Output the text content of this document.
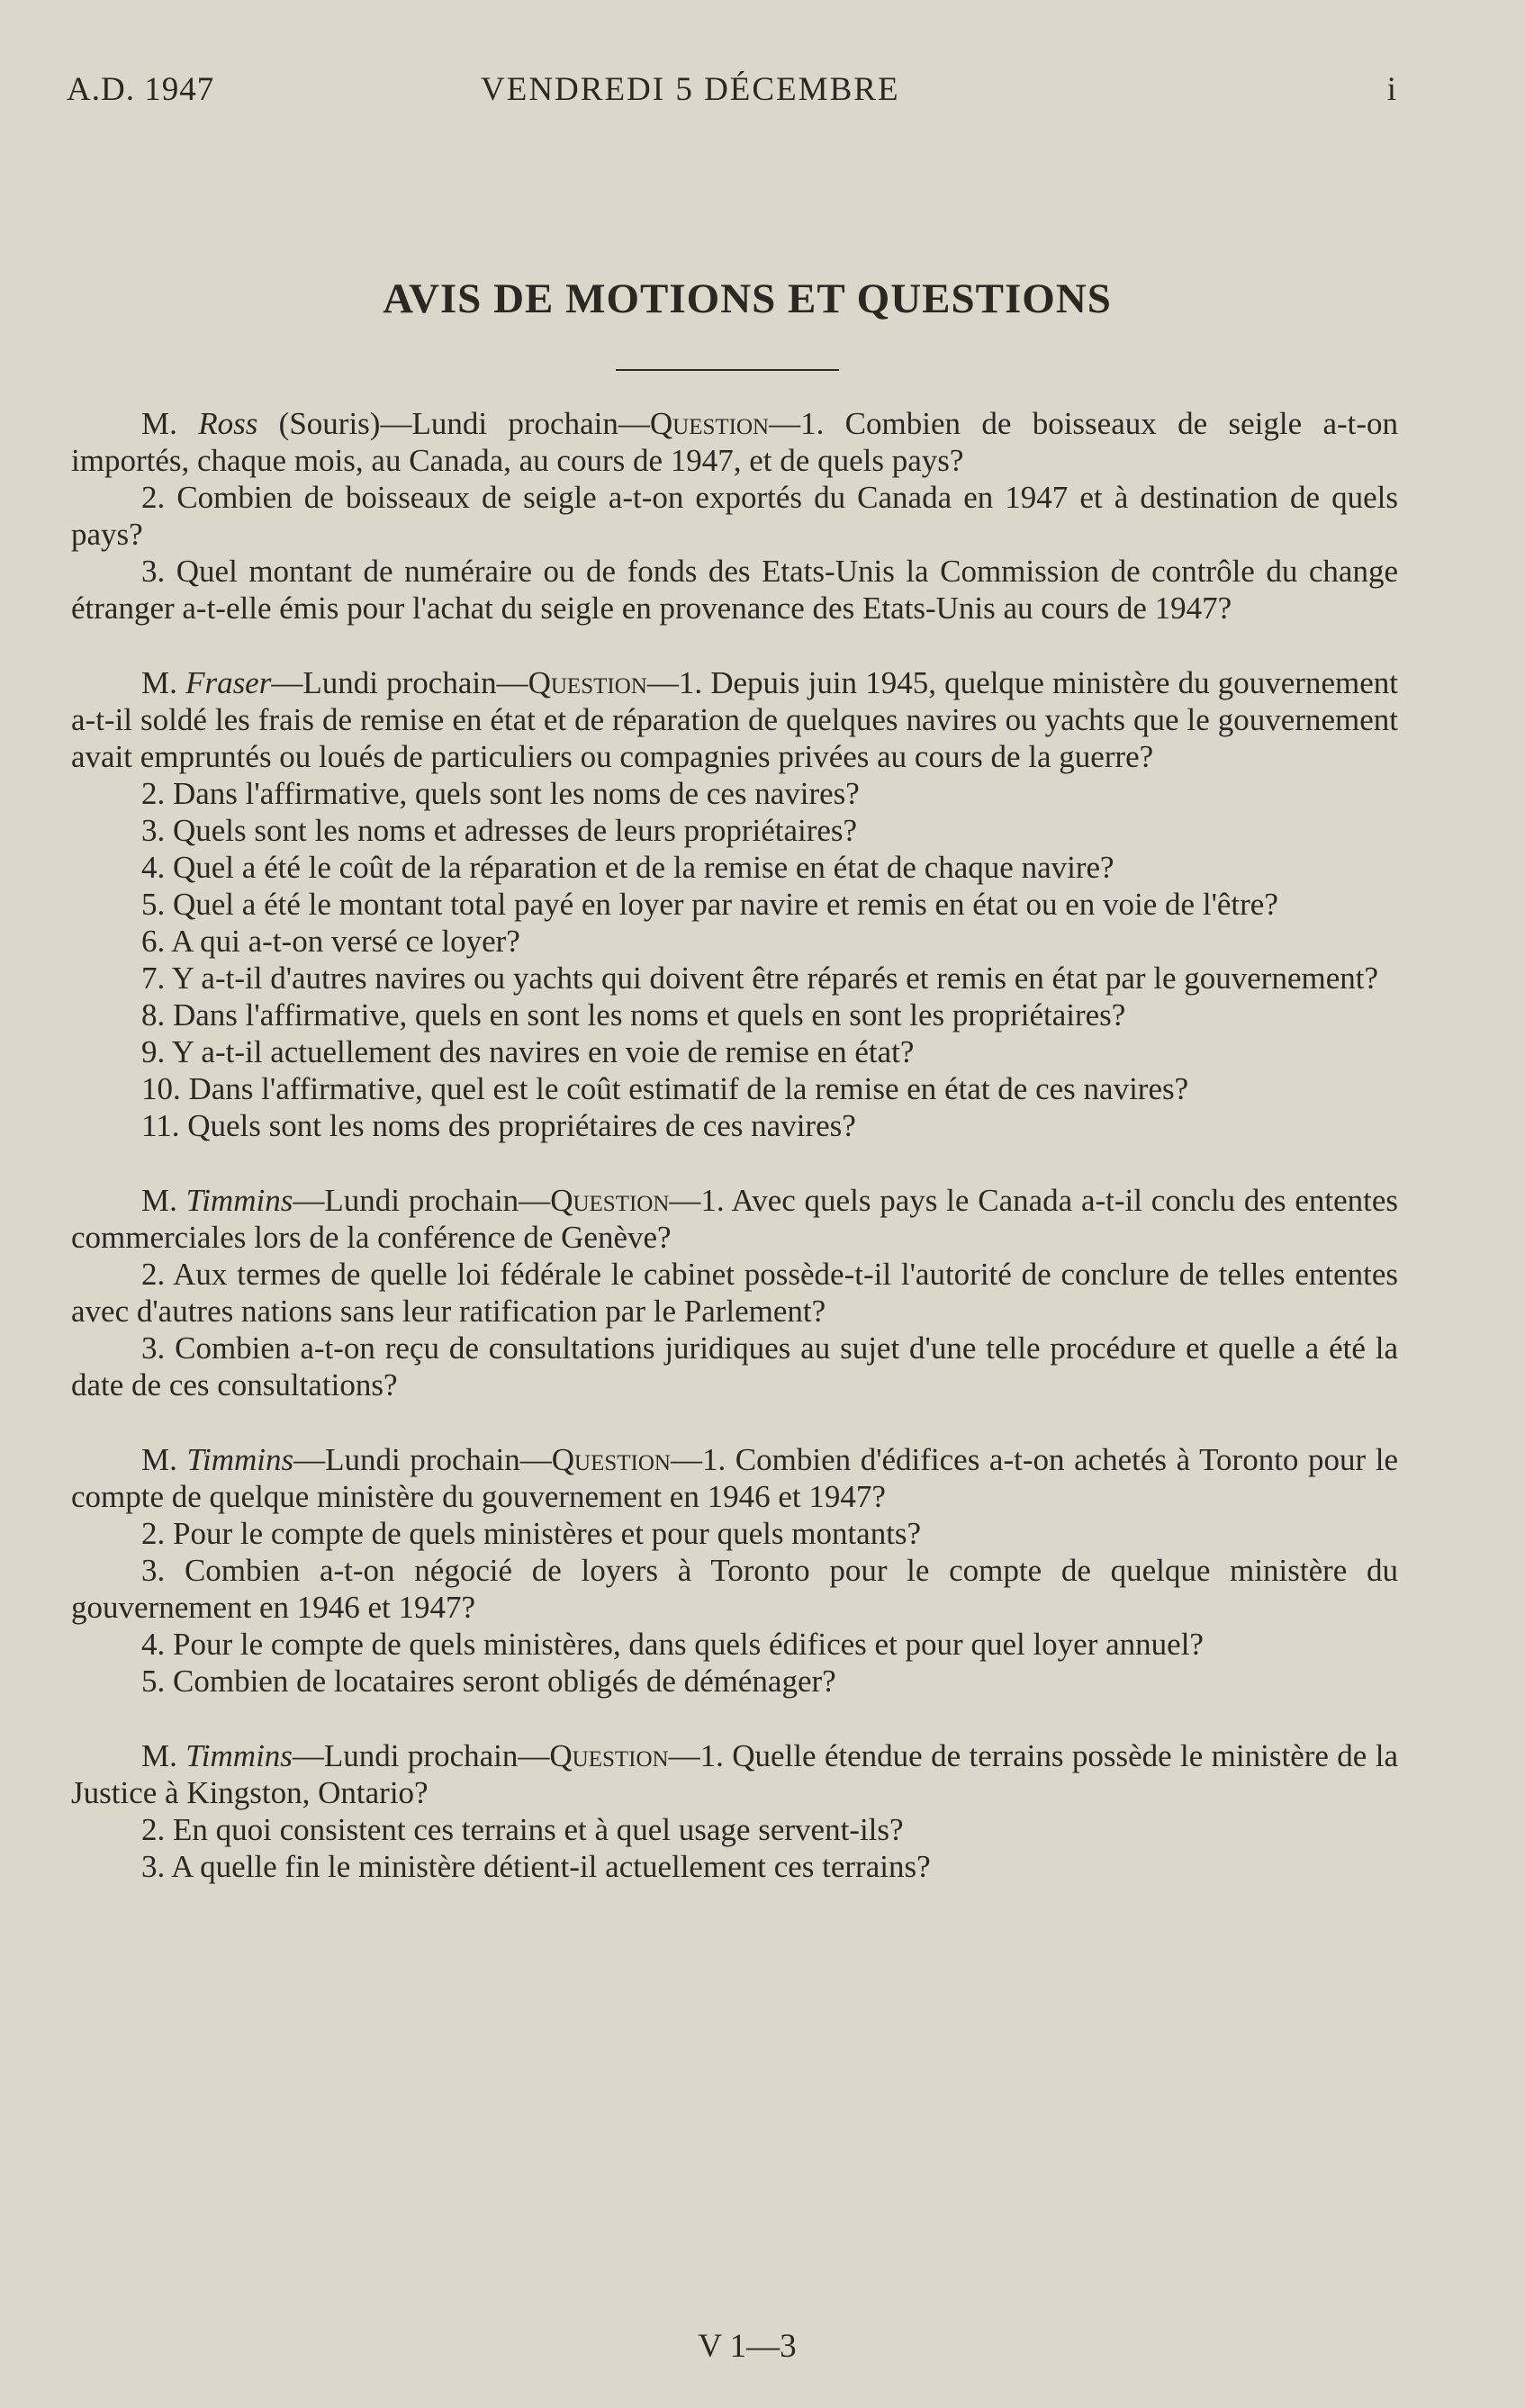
A.D. 1947	VENDREDI 5 DÉCEMBRE	i
AVIS DE MOTIONS ET QUESTIONS

M. Ross (Souris)—Lundi prochain—Question—1. Combien de boisseaux de seigle a-t-on importés, chaque mois, au Canada, au cours de 1947, et de quels pays?

2. Combien de boisseaux de seigle a-t-on exportés du Canada en 1947 et à destination de quels pays?

3. Quel montant de numéraire ou de fonds des Etats-Unis la Commission de contrôle du change étranger a-t-elle émis pour l'achat du seigle en provenance des Etats-Unis au cours de 1947?

M. Fraser—Lundi prochain—Question—1. Depuis juin 1945, quelque ministère du gouvernement a-t-il soldé les frais de remise en état et de réparation de quelques navires ou yachts que le gouvernement avait empruntés ou loués de particuliers ou compagnies privées au cours de la guerre?

2. Dans l'affirmative, quels sont les noms de ces navires?

3. Quels sont les noms et adresses de leurs propriétaires?

4. Quel a été le coût de la réparation et de la remise en état de chaque navire?

5. Quel a été le montant total payé en loyer par navire et remis en état ou en voie de l'être?

6. A qui a-t-on versé ce loyer?

7. Y a-t-il d'autres navires ou yachts qui doivent être réparés et remis en état par le gouvernement?

8. Dans l'affirmative, quels en sont les noms et quels en sont les propriétaires?

9. Y a-t-il actuellement des navires en voie de remise en état?

10. Dans l'affirmative, quel est le coût estimatif de la remise en état de ces navires?

11. Quels sont les noms des propriétaires de ces navires?

M. Timmins—Lundi prochain—Question—1. Avec quels pays le Canada a-t-il conclu des ententes commerciales lors de la conférence de Genève?

2. Aux termes de quelle loi fédérale le cabinet possède-t-il l'autorité de conclure de telles ententes avec d'autres nations sans leur ratification par le Parlement?

3. Combien a-t-on reçu de consultations juridiques au sujet d'une telle procédure et quelle a été la date de ces consultations?

M. Timmins—Lundi prochain—Question—1. Combien d'édifices a-t-on achetés à Toronto pour le compte de quelque ministère du gouvernement en 1946 et 1947?

2. Pour le compte de quels ministères et pour quels montants?

3. Combien a-t-on négocié de loyers à Toronto pour le compte de quelque ministère du gouvernement en 1946 et 1947?

4. Pour le compte de quels ministères, dans quels édifices et pour quel loyer annuel?

5. Combien de locataires seront obligés de déménager?

M. Timmins—Lundi prochain—Question—1. Quelle étendue de terrains possède le ministère de la Justice à Kingston, Ontario?

2. En quoi consistent ces terrains et à quel usage servent-ils?

3. A quelle fin le ministère détient-il actuellement ces terrains?

V 1—3
